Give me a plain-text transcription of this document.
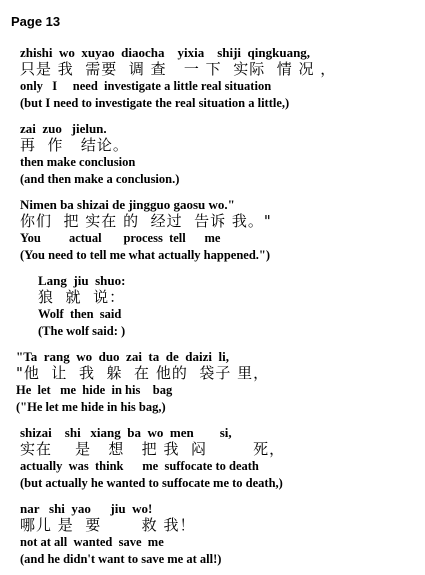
Page 13
zhishi  wo  xuyao  diaocha    yixia    shiji  qingkuang,
只是 我  需要  调 查   一 下  实际  情 况 ，
only   I     need  investigate a little real situation
(but I need to investigate the real situation a little,)
zai  zuo   jielun.
再  作   结论。
then make conclusion
(and then make a conclusion.)
Nimen ba shizai de jingguo gaosu wo."
你们  把 实在 的  经过  告诉 我。"
You         actual       process  tell      me
(You need to tell me what actually happened.")
Lang  jiu  shuo:
狼  就  说：
Wolf  then  said
(The wolf said: )
"Ta  rang  wo  duo  zai  ta  de  daizi  li,
"他  让  我  躲  在 他的  袋子 里，
He  let   me  hide  in his    bag
("He let me hide in his bag,)
shizai    shi   xiang  ba  wo  men        si,
实在    是   想   把 我  闷        死，
actually  was  think      me  suffocate to death
(but actually he wanted to suffocate me to death,)
nar   shi  yao      jiu  wo!
哪儿 是  要       救 我！
not at all  wanted  save  me
(and he didn't want to save me at all!)
